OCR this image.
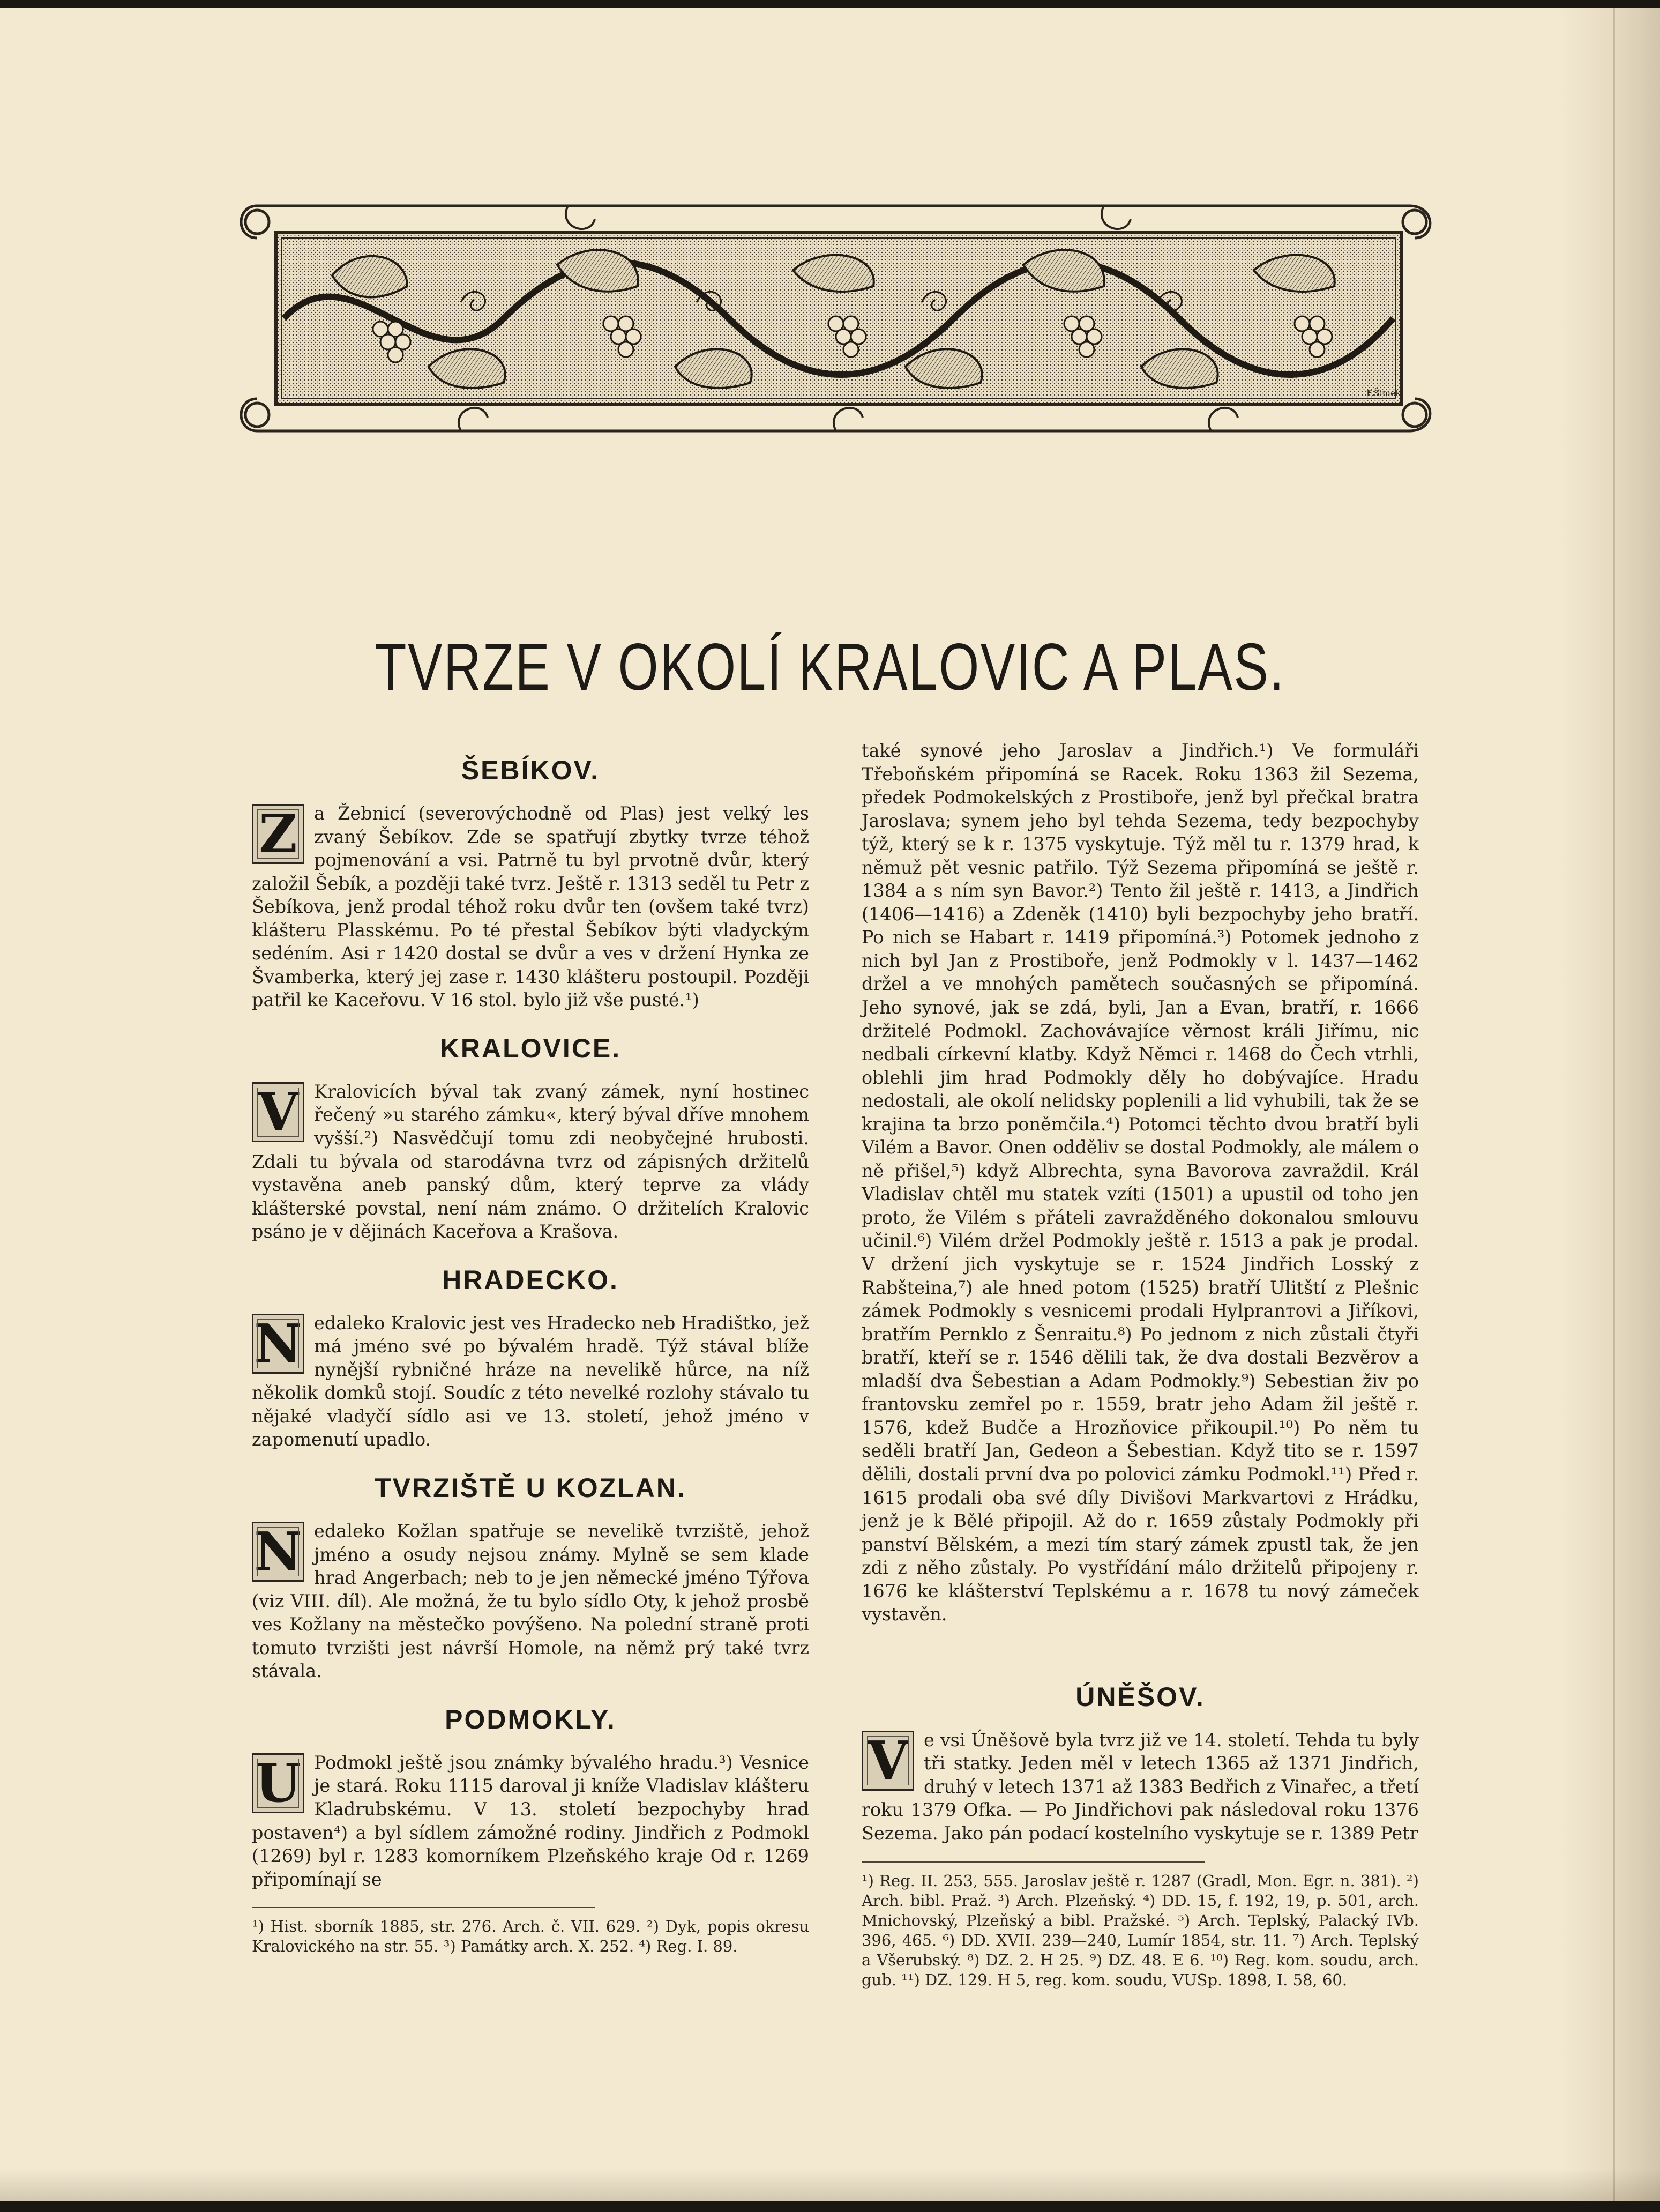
F.Šimek
TVRZE V OKOLÍ KRALOVIC A PLAS.
ŠEBÍKOV.

Z a Žebnicí (severovýchodně od Plas) jest velký les zvaný Šebíkov. Zde se spatřují zbytky tvrze téhož pojmenování a vsi. Patrně tu byl prvotně dvůr, který založil Šebík, a později také tvrz. Ještě r. 1313 seděl tu Petr z Šebíkova, jenž prodal téhož roku dvůr ten (ovšem také tvrz) klášteru Plasskému. Po té přestal Šebíkov býti vladyckým sedéním. Asi r 1420 dostal se dvůr a ves v držení Hynka ze Švamberka, který jej zase r. 1430 klášteru postoupil. Později patřil ke Kaceřovu. V 16 stol. bylo již vše pusté.¹)

KRALOVICE.

V Kralovicích býval tak zvaný zámek, nyní hostinec řečený »u starého zámku«, který býval dříve mnohem vyšší.²) Nasvědčují tomu zdi neobyčejné hrubosti. Zdali tu bývala od starodávna tvrz od zápisných držitelů vystavěna aneb panský dům, který teprve za vlády klášterské povstal, není nám známo. O držitelích Kralovic psáno je v dějinách Kaceřova a Krašova.

HRADECKO.

N edaleko Kralovic jest ves Hradecko neb Hradištko, jež má jméno své po bývalém hradě. Týž stával blíže nynější rybničné hráze na nevelikě hůrce, na níž několik domků stojí. Soudíc z této nevelké rozlohy stávalo tu nějaké vladyčí sídlo asi ve 13. století, jehož jméno v zapomenutí upadlo.

TVRZIŠTĚ U KOZLAN.

N edaleko Kožlan spatřuje se nevelikě tvrziště, jehož jméno a osudy nejsou známy. Mylně se sem klade hrad Angerbach; neb to je jen německé jméno Týřova (viz VIII. díl). Ale možná, že tu bylo sídlo Oty, k jehož prosbě ves Kožlany na městečko povýšeno. Na polední straně proti tomuto tvrzišti jest návrší Homole, na němž prý také tvrz stávala.

PODMOKLY.

U Podmokl ještě jsou známky bývalého hradu.³) Vesnice je stará. Roku 1115 daroval ji kníže Vladislav klášteru Kladrubskému. V 13. století bezpochyby hrad postaven⁴) a byl sídlem zámožné rodiny. Jindřich z Podmokl (1269) byl r. 1283 komorníkem Plzeňského kraje Od r. 1269 připomínají se

¹) Hist. sborník 1885, str. 276. Arch. č. VII. 629. ²) Dyk, popis okresu Kralovického na str. 55. ³) Památky arch. X. 252. ⁴) Reg. I. 89.

také synové jeho Jaroslav a Jindřich.¹) Ve formuláři Třeboňském připomíná se Racek. Roku 1363 žil Sezema, předek Podmokelských z Prostiboře, jenž byl přečkal bratra Jaroslava; synem jeho byl tehda Sezema, tedy bezpochyby týž, který se k r. 1375 vyskytuje. Týž měl tu r. 1379 hrad, k němuž pět vesnic patřilo. Týž Sezema připomíná se ještě r. 1384 a s ním syn Bavor.²) Tento žil ještě r. 1413, a Jindřich (1406—1416) a Zdeněk (1410) byli bezpochyby jeho bratří. Po nich se Habart r. 1419 připomíná.³) Potomek jednoho z nich byl Jan z Prostiboře, jenž Podmokly v l. 1437—1462 držel a ve mnohých pamětech současných se připomíná. Jeho synové, jak se zdá, byli, Jan a Evan, bratří, r. 1666 držitelé Podmokl. Zachovávajíce věrnost králi Jiřímu, nic nedbali církevní klatby. Když Němci r. 1468 do Čech vtrhli, oblehli jim hrad Podmokly děly ho dobývajíce. Hradu nedostali, ale okolí nelidsky poplenili a lid vyhubili, tak že se krajina ta brzo poněmčila.⁴) Potomci těchto dvou bratří byli Vilém a Bavor. Onen odděliv se dostal Podmokly, ale málem o ně přišel,⁵) když Albrechta, syna Bavorova zavraždil. Král Vladislav chtěl mu statek vzíti (1501) a upustil od toho jen proto, že Vilém s přáteli zavražděného dokonalou smlouvu učinil.⁶) Vilém držel Podmokly ještě r. 1513 a pak je prodal. V držení jich vyskytuje se r. 1524 Jindřich Losský z Rabšteina,⁷) ale hned potom (1525) bratří Ulitští z Plešnic zámek Podmokly s vesnicemi prodali Hylpranтovi a Jiříkovi, bratřím Pernklo z Šenraitu.⁸) Po jednom z nich zůstali čtyři bratří, kteří se r. 1546 dělili tak, že dva dostali Bezvěrov a mladší dva Šebestian a Adam Podmokly.⁹) Sebestian živ po frantovsku zemřel po r. 1559, bratr jeho Adam žil ještě r. 1576, kdež Budče a Hrozňovice přikoupil.¹⁰) Po něm tu seděli bratří Jan, Gedeon a Šebestian. Když tito se r. 1597 dělili, dostali první dva po polovici zámku Podmokl.¹¹) Před r. 1615 prodali oba své díly Divišovi Markvartovi z Hrádku, jenž je k Bělé připojil. Až do r. 1659 zůstaly Podmokly při panství Bělském, a mezi tím starý zámek zpustl tak, že jen zdi z něho zůstaly. Po vystřídání málo držitelů připojeny r. 1676 ke klášterství Teplskému a r. 1678 tu nový zámeček vystavěn.

ÚNĚŠOV.

V e vsi Úněšově byla tvrz již ve 14. století. Tehda tu byly tři statky. Jeden měl v letech 1365 až 1371 Jindřich, druhý v letech 1371 až 1383 Bedřich z Vinařec, a třetí roku 1379 Ofka. — Po Jindřichovi pak následoval roku 1376 Sezema. Jako pán podací kostelního vyskytuje se r. 1389 Petr

¹) Reg. II. 253, 555. Jaroslav ještě r. 1287 (Gradl, Mon. Egr. n. 381). ²) Arch. bibl. Praž. ³) Arch. Plzeňský. ⁴) DD. 15, f. 192, 19, p. 501, arch. Mnichovský, Plzeňský a bibl. Pražské. ⁵) Arch. Teplský, Palacký IVb. 396, 465. ⁶) DD. XVII. 239—240, Lumír 1854, str. 11. ⁷) Arch. Teplský a Všerubský. ⁸) DZ. 2. H 25. ⁹) DZ. 48. E 6. ¹⁰) Reg. kom. soudu, arch. gub. ¹¹) DZ. 129. H 5, reg. kom. soudu, VUSp. 1898, I. 58, 60.
